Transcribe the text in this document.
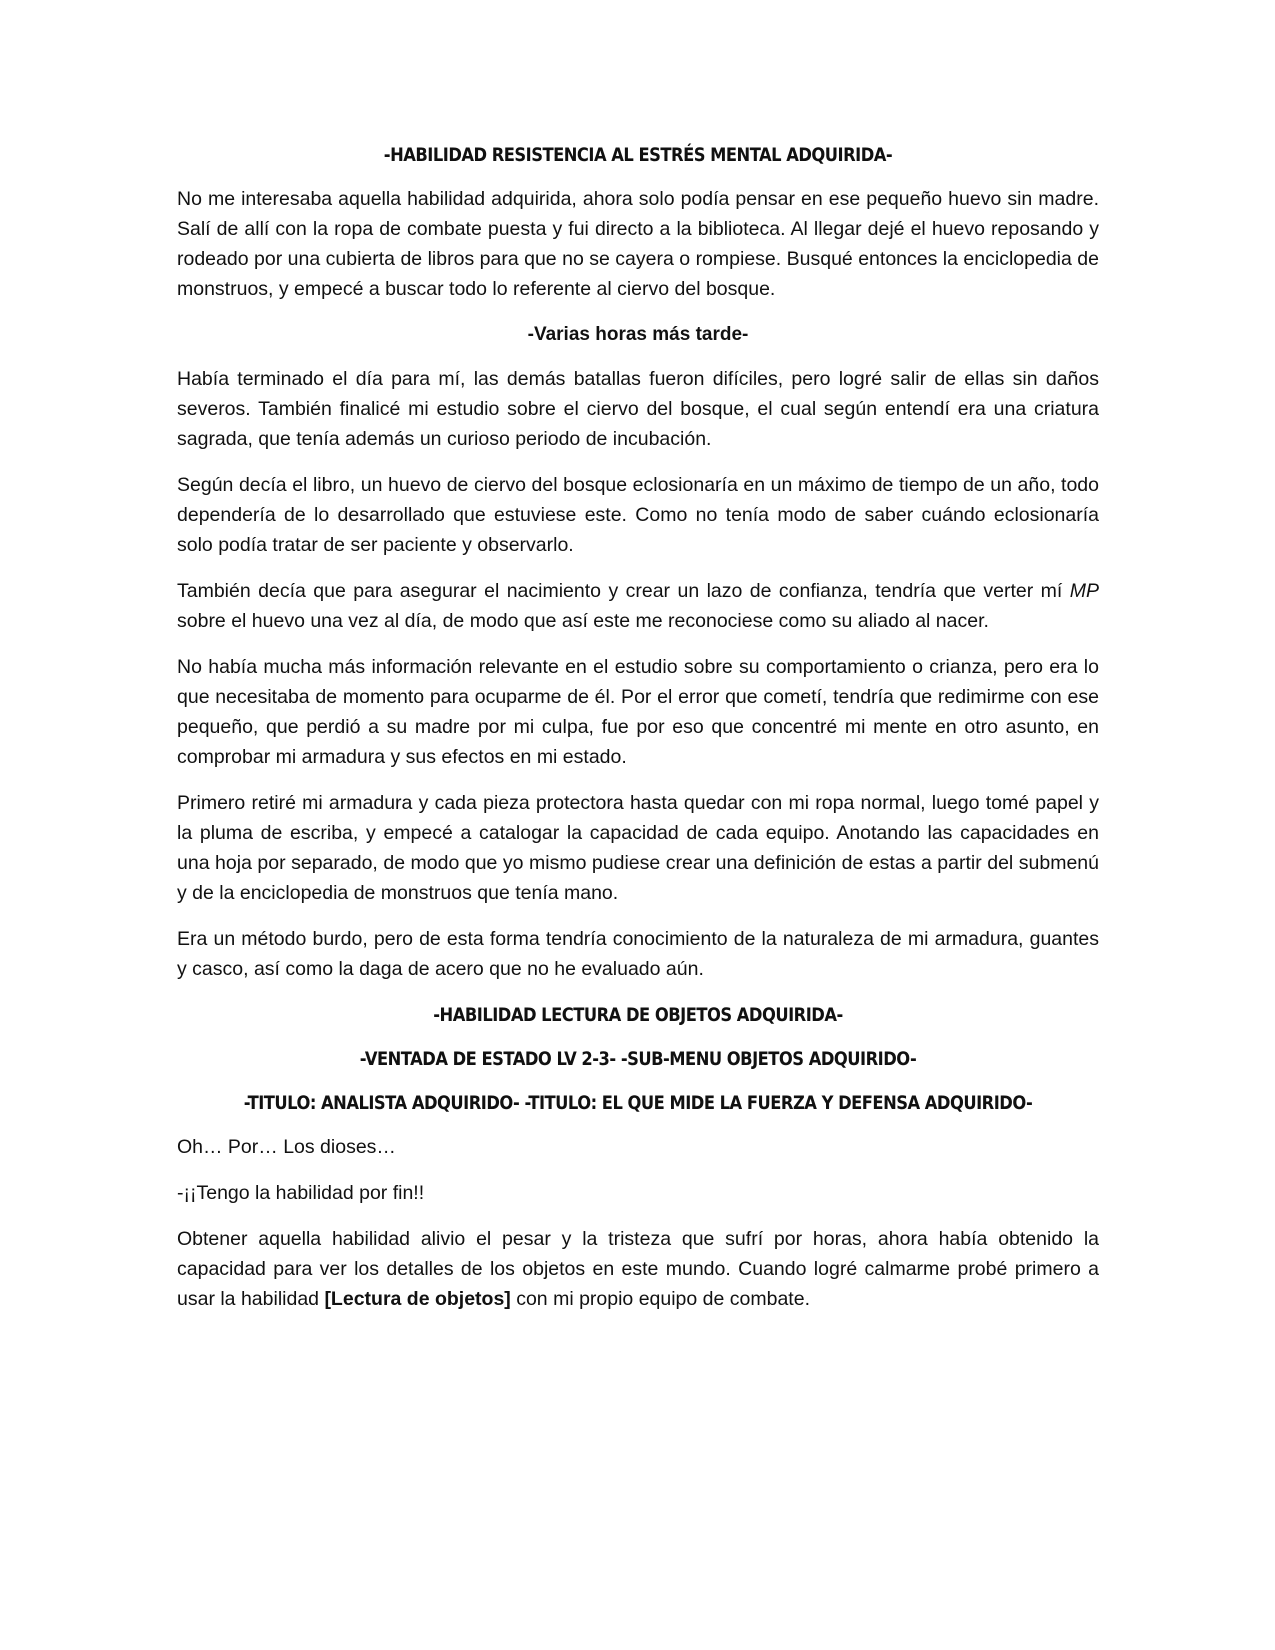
-HABILIDAD RESISTENCIA AL ESTRÉS MENTAL ADQUIRIDA-

No me interesaba aquella habilidad adquirida, ahora solo podía pensar en ese pequeño huevo sin madre. Salí de allí con la ropa de combate puesta y fui directo a la biblioteca. Al llegar dejé el huevo reposando y rodeado por una cubierta de libros para que no se cayera o rompiese. Busqué entonces la enciclopedia de monstruos, y empecé a buscar todo lo referente al ciervo del bosque.

-Varias horas más tarde-

Había terminado el día para mí, las demás batallas fueron difíciles, pero logré salir de ellas sin daños severos. También finalicé mi estudio sobre el ciervo del bosque, el cual según entendí era una criatura sagrada, que tenía además un curioso periodo de incubación.

Según decía el libro, un huevo de ciervo del bosque eclosionaría en un máximo de tiempo de un año, todo dependería de lo desarrollado que estuviese este. Como no tenía modo de saber cuándo eclosionaría solo podía tratar de ser paciente y observarlo.

También decía que para asegurar el nacimiento y crear un lazo de confianza, tendría que verter mí MP sobre el huevo una vez al día, de modo que así este me reconociese como su aliado al nacer.

No había mucha más información relevante en el estudio sobre su comportamiento o crianza, pero era lo que necesitaba de momento para ocuparme de él. Por el error que cometí, tendría que redimirme con ese pequeño, que perdió a su madre por mi culpa, fue por eso que concentré mi mente en otro asunto, en comprobar mi armadura y sus efectos en mi estado.

Primero retiré mi armadura y cada pieza protectora hasta quedar con mi ropa normal, luego tomé papel y la pluma de escriba, y empecé a catalogar la capacidad de cada equipo. Anotando las capacidades en una hoja por separado, de modo que yo mismo pudiese crear una definición de estas a partir del submenú y de la enciclopedia de monstruos que tenía mano.

Era un método burdo, pero de esta forma tendría conocimiento de la naturaleza de mi armadura, guantes y casco, así como la daga de acero que no he evaluado aún.

-HABILIDAD LECTURA DE OBJETOS ADQUIRIDA-
-VENTADA DE ESTADO LV 2-3- -SUB-MENU OBJETOS ADQUIRIDO-
-TITULO: ANALISTA ADQUIRIDO- -TITULO: EL QUE MIDE LA FUERZA Y DEFENSA ADQUIRIDO-

Oh… Por… Los dioses…

-¡¡Tengo la habilidad por fin!!

Obtener aquella habilidad alivio el pesar y la tristeza que sufrí por horas, ahora había obtenido la capacidad para ver los detalles de los objetos en este mundo. Cuando logré calmarme probé primero a usar la habilidad [Lectura de objetos] con mi propio equipo de combate.
